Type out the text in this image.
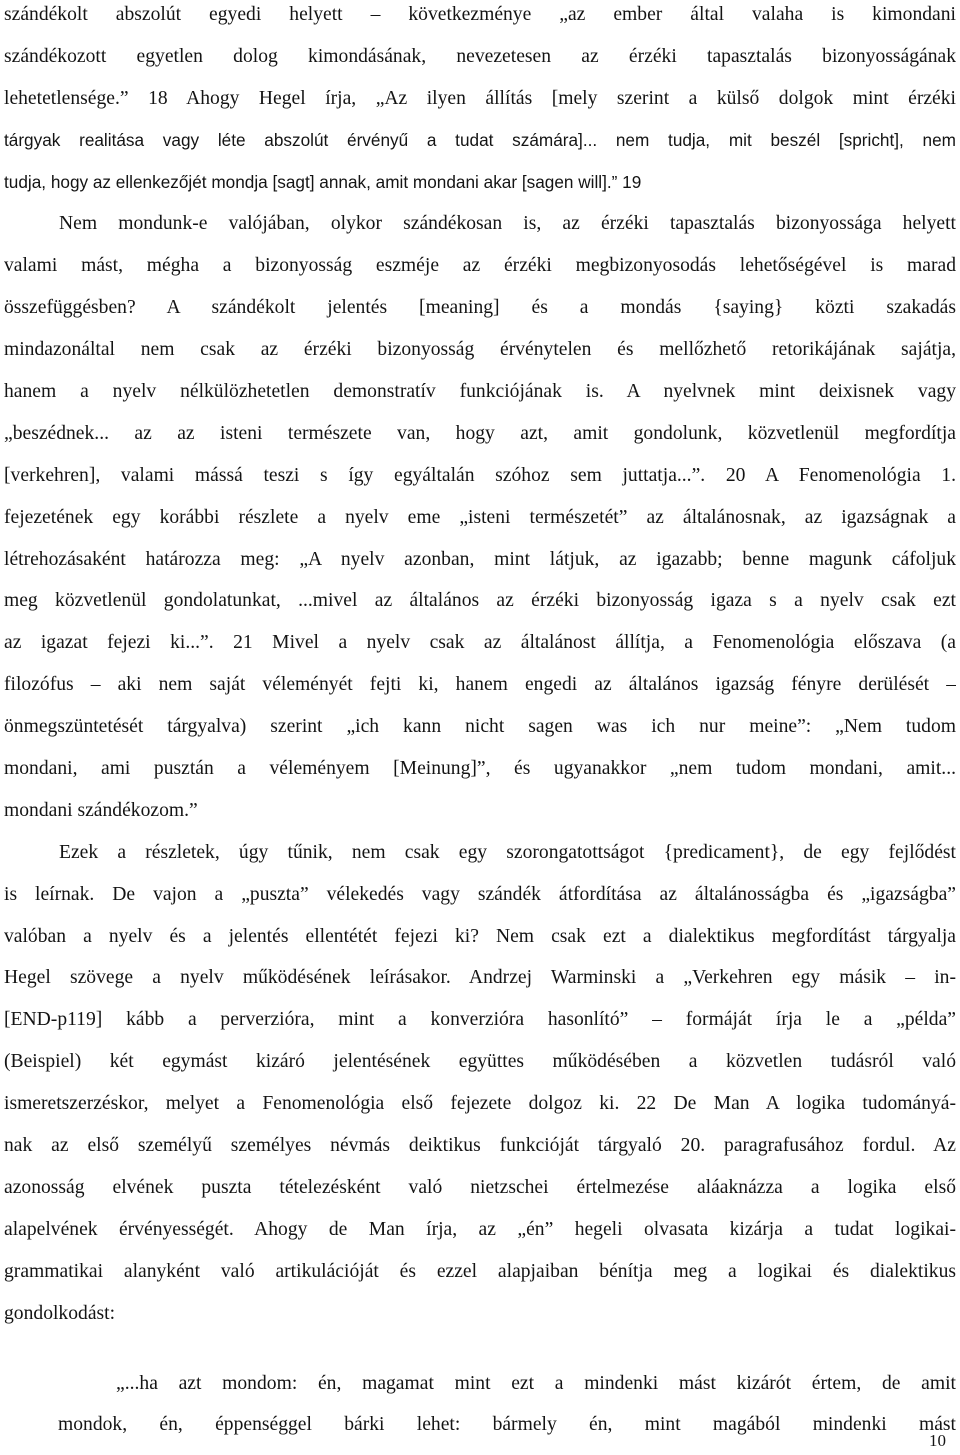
szándékolt abszolút egyedi helyett – következménye „az ember által valaha is kimondani
szándékozott egyetlen dolog kimondásának, nevezetesen az érzéki tapasztalás bizonyosságának
lehetetlensége.” 18 Ahogy Hegel írja, „Az ilyen állítás [mely szerint a külső dolgok mint érzéki
tárgyak realitása vagy léte abszolút érvényű a tudat számára]... nem tudja, mit beszél [spricht], nem
tudja, hogy az ellenkezőjét mondja [sagt] annak, amit mondani akar [sagen will].” 19
Nem mondunk-e valójában, olykor szándékosan is, az érzéki tapasztalás bizonyossága helyett
valami mást, mégha a bizonyosság eszméje az érzéki megbizonyosodás lehetőségével is marad
összefüggésben? A szándékolt jelentés [meaning] és a mondás {saying} közti szakadás
mindazonáltal nem csak az érzéki bizonyosság érvénytelen és mellőzhető retorikájának sajátja,
hanem a nyelv nélkülözhetetlen demonstratív funkciójának is. A nyelvnek mint deixisnek vagy
„beszédnek... az az isteni természete van, hogy azt, amit gondolunk, közvetlenül megfordítja
[verkehren], valami mássá teszi s így egyáltalán szóhoz sem juttatja...”. 20 A Fenomenológia 1.
fejezetének egy korábbi részlete a nyelv eme „isteni természetét” az általánosnak, az igazságnak a
létrehozásaként határozza meg: „A nyelv azonban, mint látjuk, az igazabb; benne magunk cáfoljuk
meg közvetlenül gondolatunkat, ...mivel az általános az érzéki bizonyosság igaza s a nyelv csak ezt
az igazat fejezi ki...”. 21 Mivel a nyelv csak az általánost állítja, a Fenomenológia előszava (a
filozófus – aki nem saját véleményét fejti ki, hanem engedi az általános igazság fényre derülését –
önmegszüntetését tárgyalva) szerint „ich kann nicht sagen was ich nur meine”: „Nem tudom
mondani, ami pusztán a véleményem [Meinung]”, és ugyanakkor „nem tudom mondani, amit...
mondani szándékozom.”
Ezek a részletek, úgy tűnik, nem csak egy szorongatottságot {predicament}, de egy fejlődést
is leírnak. De vajon a „puszta” vélekedés vagy szándék átfordítása az általánosságba és „igazságba”
valóban a nyelv és a jelentés ellentétét fejezi ki? Nem csak ezt a dialektikus megfordítást tárgyalja
Hegel szövege a nyelv működésének leírásakor. Andrzej Warminski a „Verkehren egy másik – in-
[END-p119] kább a perverzióra, mint a konverzióra hasonlító” – formáját írja le a „példa”
(Beispiel) két egymást kizáró jelentésének együttes működésében a közvetlen tudásról való
ismeretszerzéskor, melyet a Fenomenológia első fejezete dolgoz ki. 22 De Man A logika tudományá-
nak az első személyű személyes névmás deiktikus funkcióját tárgyaló 20. paragrafusához fordul. Az
azonosság elvének puszta tételezésként való nietzschei értelmezése aláaknázza a logika első
alapelvének érvényességét. Ahogy de Man írja, az „én” hegeli olvasata kizárja a tudat logikai-
grammatikai alanyként való artikulációját és ezzel alapjaiban bénítja meg a logikai és dialektikus
gondolkodást:
„...ha azt mondom: én, magamat mint ezt a mindenki mást kizárót értem, de amit
mondok, én, éppenséggel bárki lehet: bármely én, mint magából mindenki mást
10
